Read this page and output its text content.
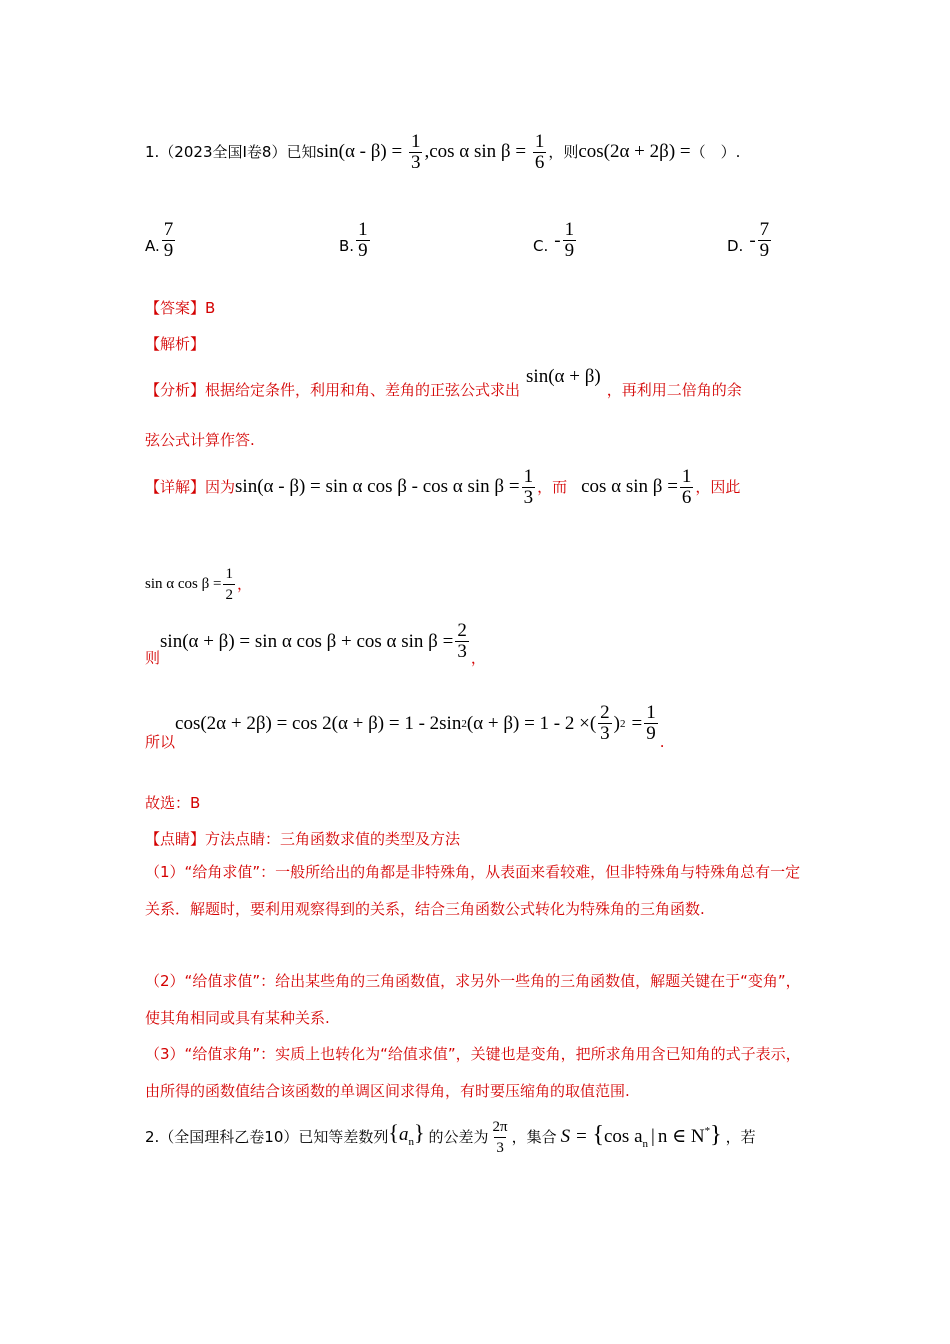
1.（2023全国Ⅰ卷8）已知 $\sin(\alpha - \beta) = \frac{1}{3} ,\cos$ α $\sin \beta = \frac{1}{6}$ ，则 cos(2α + 2β) = （　）.
A. $\frac{7}{9}$	B. $\frac{1}{9}$	C. - $\frac{1}{9}$	D. - $\frac{7}{9}$
【答案】B
【解析】
【分析】 根据给定条件，利用和角、差角的正弦公式求出
sin(α + β)
，再利用二倍角的余
弦公式计算作答.
【详解】 因为 sin(α - β) = sin α cos β - cos α $\sin \beta = \frac{1}{3}$ ，而 cos α $\sin \beta = \frac{1}{6}$ ，因此
sin α $\cos \beta = \frac{1}{2}$ ，
则
sin(α + β) = sin α cos β + cos α $\sin \beta = \frac{2}{3}$ ，
所以
cos(2α + 2β) = cos 2(α + β) = 1 - 2sin 2 (α + β) = 1 - 2 ×( $\frac{2}{3}$ ) $2 = \frac{1}{9}$ .
故选：B
【点睛】方法点睛：三角函数求值的类型及方法
（1）“给角求值”：一般所给出的角都是非特殊角，从表面来看较难，但非特殊角与特殊角总有一定关系．解题时，要利用观察得到的关系，结合三角函数公式转化为特殊角的三角函数.
（2）“给值求值”：给出某些角的三角函数值，求另外一些角的三角函数值，解题关键在于“变角”，使其角相同或具有某种关系.
（3）“给值求角”：实质上也转化为“给值求值”，关键也是变角，把所求角用含已知角的式子表示，由所得的函数值结合该函数的单调区间求得角，有时要压缩角的取值范围.
2.（全国理科乙卷10）已知等差数列 $\{a_n\}$ 的公差为 $\frac{2\pi}{3}$ ，集合 S = {cos $a_n$ | n ∈ N*} ，若
